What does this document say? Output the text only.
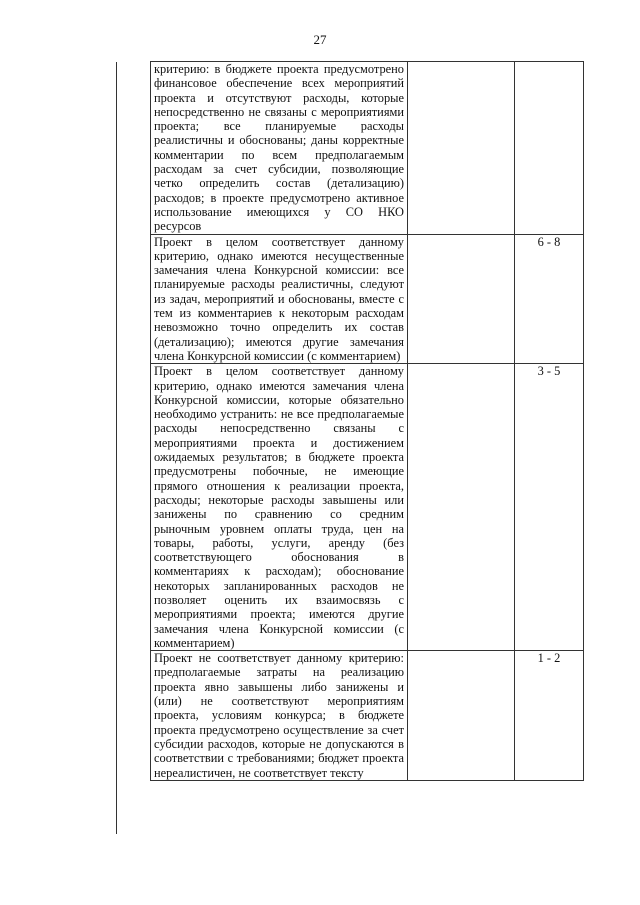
27
критерию: в бюджете проекта предусмотрено финансовое обеспечение всех мероприятий проекта и отсутствуют расходы, которые непосредственно не связаны с мероприятиями проекта; все планируемые расходы реалистичны и обоснованы; даны корректные комментарии по всем предполагаемым расходам за счет субсидии, позволяющие четко определить состав (детализацию) расходов; в проекте предусмотрено активное использование имеющихся у СО НКО ресурсов		
Проект в целом соответствует данному критерию, однако имеются несущественные замечания члена Конкурсной комиссии: все планируемые расходы реалистичны, следуют из задач, мероприятий и обоснованы, вместе с тем из комментариев к некоторым расходам невозможно точно определить их состав (детализацию); имеются другие замечания члена Конкурсной комиссии (с комментарием)		6 - 8
Проект в целом соответствует данному критерию, однако имеются замечания члена Конкурсной комиссии, которые обязательно необходимо устранить: не все предполагаемые расходы непосредственно связаны с мероприятиями проекта и достижением ожидаемых результатов; в бюджете проекта предусмотрены побочные, не имеющие прямого отношения к реализации проекта, расходы; некоторые расходы завышены или занижены по сравнению со средним рыночным уровнем оплаты труда, цен на товары, работы, услуги, аренду (без соответствующего обоснования в комментариях к расходам); обоснование некоторых запланированных расходов не позволяет оценить их взаимосвязь с мероприятиями проекта; имеются другие замечания члена Конкурсной комиссии (с комментарием)		3 - 5
Проект не соответствует данному критерию: предполагаемые затраты на реализацию проекта явно завышены либо занижены и (или) не соответствуют мероприятиям проекта, условиям конкурса; в бюджете проекта предусмотрено осуществление за счет субсидии расходов, которые не допускаются в соответствии с требованиями; бюджет проекта нереалистичен, не соответствует тексту		1 - 2
